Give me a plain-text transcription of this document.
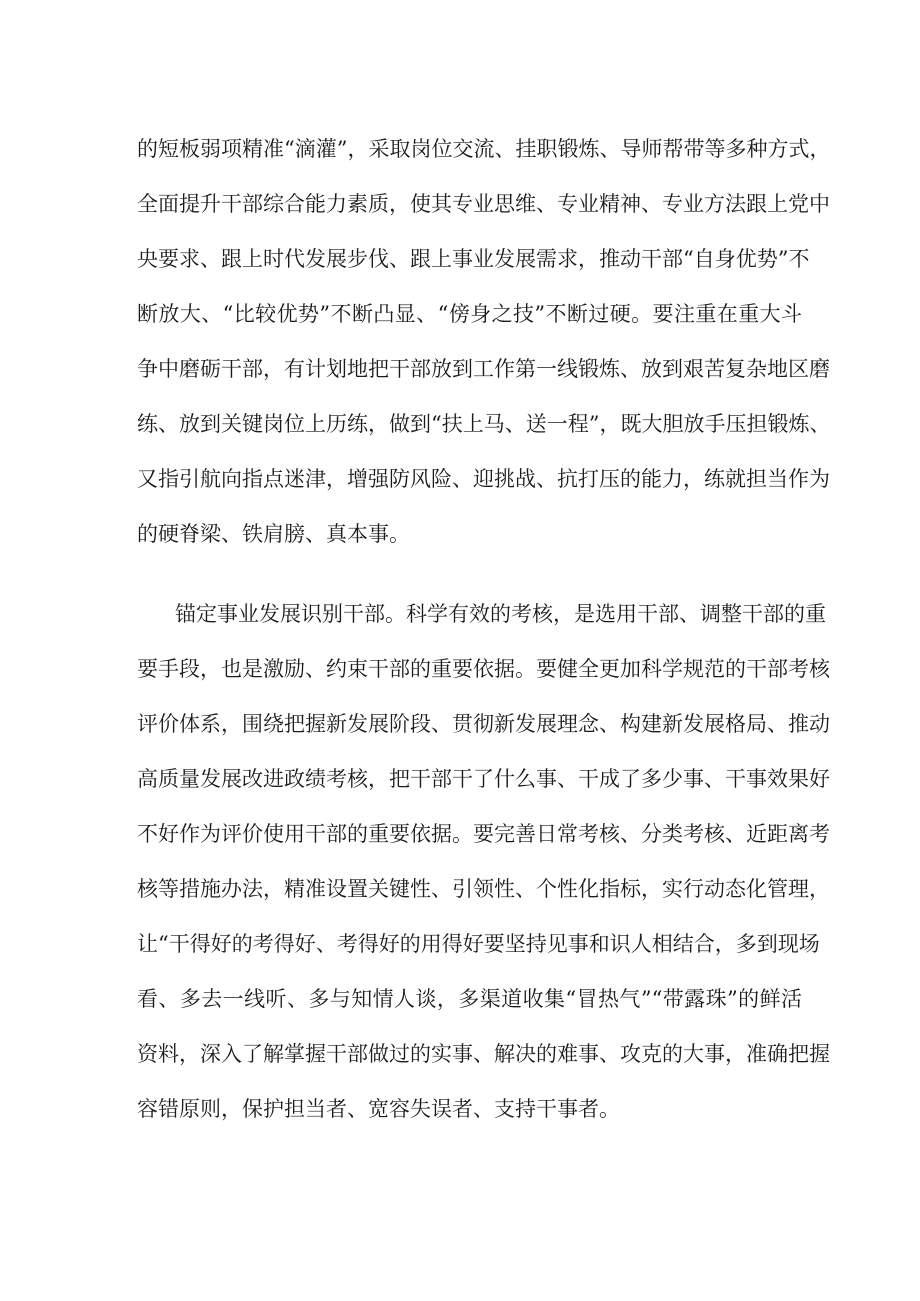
的短板弱项精准“滴灌”，采取岗位交流、挂职锻炼、导师帮带等多种方式，
全面提升干部综合能力素质，使其专业思维、专业精神、专业方法跟上党中
央要求、跟上时代发展步伐、跟上事业发展需求，推动干部“自身优势”不
断放大、“比较优势”不断凸显、“傍身之技”不断过硬。要注重在重大斗
争中磨砺干部，有计划地把干部放到工作第一线锻炼、放到艰苦复杂地区磨
练、放到关键岗位上历练，做到“扶上马、送一程”，既大胆放手压担锻炼、
又指引航向指点迷津，增强防风险、迎挑战、抗打压的能力，练就担当作为
的硬脊梁、铁肩膀、真本事。
锚定事业发展识别干部。科学有效的考核，是选用干部、调整干部的重
要手段，也是激励、约束干部的重要依据。要健全更加科学规范的干部考核
评价体系，围绕把握新发展阶段、贯彻新发展理念、构建新发展格局、推动
高质量发展改进政绩考核，把干部干了什么事、干成了多少事、干事效果好
不好作为评价使用干部的重要依据。要完善日常考核、分类考核、近距离考
核等措施办法，精准设置关键性、引领性、个性化指标，实行动态化管理，
让“干得好的考得好、考得好的用得好要坚持见事和识人相结合，多到现场
看、多去一线听、多与知情人谈，多渠道收集“冒热气”“带露珠”的鲜活
资料，深入了解掌握干部做过的实事、解决的难事、攻克的大事，准确把握
容错原则，保护担当者、宽容失误者、支持干事者。
